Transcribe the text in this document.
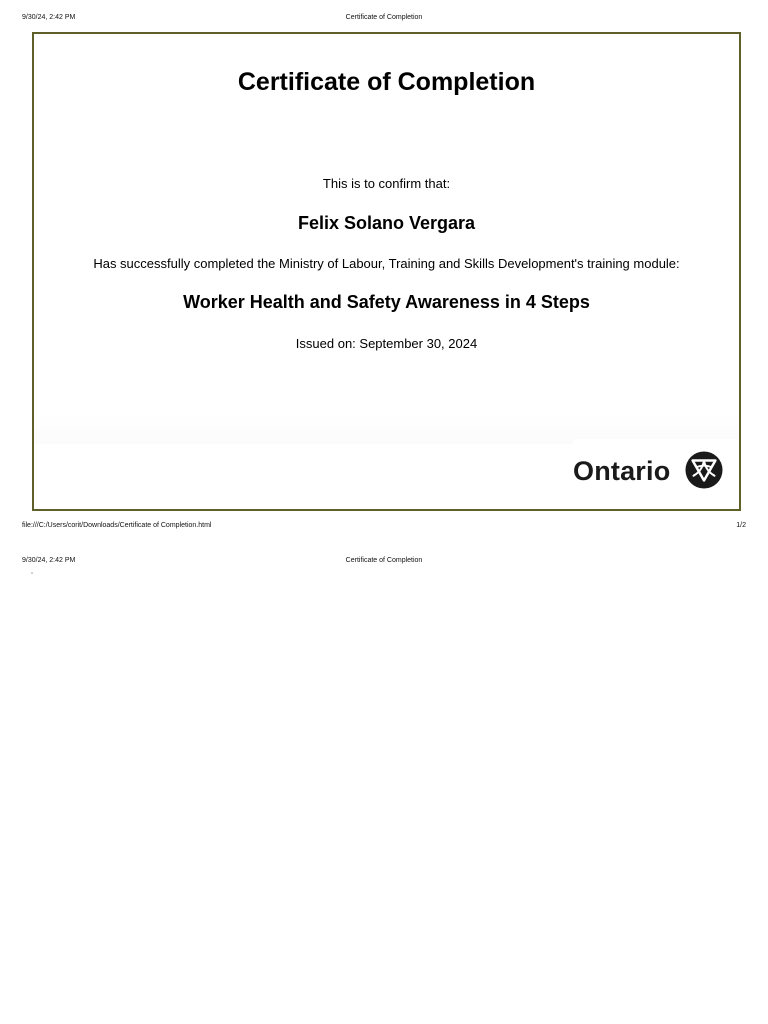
9/30/24, 2:42 PM	Certificate of Completion
Certificate of Completion
This is to confirm that:
Felix Solano Vergara
Has successfully completed the Ministry of Labour, Training and Skills Development's training module:
Worker Health and Safety Awareness in 4 Steps
Issued on: September 30, 2024
Ontario
file:///C:/Users/corit/Downloads/Certificate of Completion.html	1/2
9/30/24, 2:42 PM	Certificate of Completion
"
